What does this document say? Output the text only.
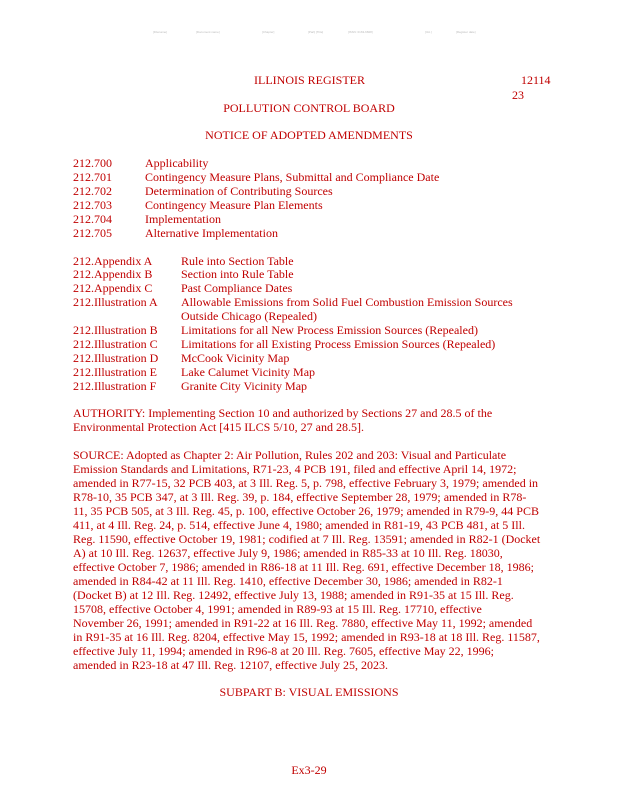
[Filename]	[Document name]	[Chapter]	[Part] [Title]	[ISSN: 0163-6828]	[Vol.]	[Register date]
ILLINOIS REGISTER	12114
23
POLLUTION CONTROL BOARD
NOTICE OF ADOPTED AMENDMENTS
212.700	Applicability
212.701	Contingency Measure Plans, Submittal and Compliance Date
212.702	Determination of Contributing Sources
212.703	Contingency Measure Plan Elements
212.704	Implementation
212.705	Alternative Implementation
212.Appendix A Rule into Section Table
212.Appendix B Section into Rule Table
212.Appendix C Past Compliance Dates
212.Illustration A Allowable Emissions from Solid Fuel Combustion Emission Sources
Outside Chicago (Repealed)
212.Illustration B Limitations for all New Process Emission Sources (Repealed)
212.Illustration C Limitations for all Existing Process Emission Sources (Repealed)
212.Illustration D McCook Vicinity Map
212.Illustration E Lake Calumet Vicinity Map
212.Illustration F Granite City Vicinity Map
AUTHORITY: Implementing Section 10 and authorized by Sections 27 and 28.5 of the
Environmental Protection Act [415 ILCS 5/10, 27 and 28.5].
SOURCE: Adopted as Chapter 2: Air Pollution, Rules 202 and 203: Visual and Particulate
Emission Standards and Limitations, R71-23, 4 PCB 191, filed and effective April 14, 1972;
amended in R77-15, 32 PCB 403, at 3 Ill. Reg. 5, p. 798, effective February 3, 1979; amended in
R78-10, 35 PCB 347, at 3 Ill. Reg. 39, p. 184, effective September 28, 1979; amended in R78-
11, 35 PCB 505, at 3 Ill. Reg. 45, p. 100, effective October 26, 1979; amended in R79-9, 44 PCB
411, at 4 Ill. Reg. 24, p. 514, effective June 4, 1980; amended in R81-19, 43 PCB 481, at 5 Ill.
Reg. 11590, effective October 19, 1981; codified at 7 Ill. Reg. 13591; amended in R82-1 (Docket
A) at 10 Ill. Reg. 12637, effective July 9, 1986; amended in R85-33 at 10 Ill. Reg. 18030,
effective October 7, 1986; amended in R86-18 at 11 Ill. Reg. 691, effective December 18, 1986;
amended in R84-42 at 11 Ill. Reg. 1410, effective December 30, 1986; amended in R82-1
(Docket B) at 12 Ill. Reg. 12492, effective July 13, 1988; amended in R91-35 at 15 Ill. Reg.
15708, effective October 4, 1991; amended in R89-93 at 15 Ill. Reg. 17710, effective
November 26, 1991; amended in R91-22 at 16 Ill. Reg. 7880, effective May 11, 1992; amended
in R91-35 at 16 Ill. Reg. 8204, effective May 15, 1992; amended in R93-18 at 18 Ill. Reg. 11587,
effective July 11, 1994; amended in R96-8 at 20 Ill. Reg. 7605, effective May 22, 1996;
amended in R23-18 at 47 Ill. Reg. 12107, effective July 25, 2023.
SUBPART B: VISUAL EMISSIONS
Ex3-29
